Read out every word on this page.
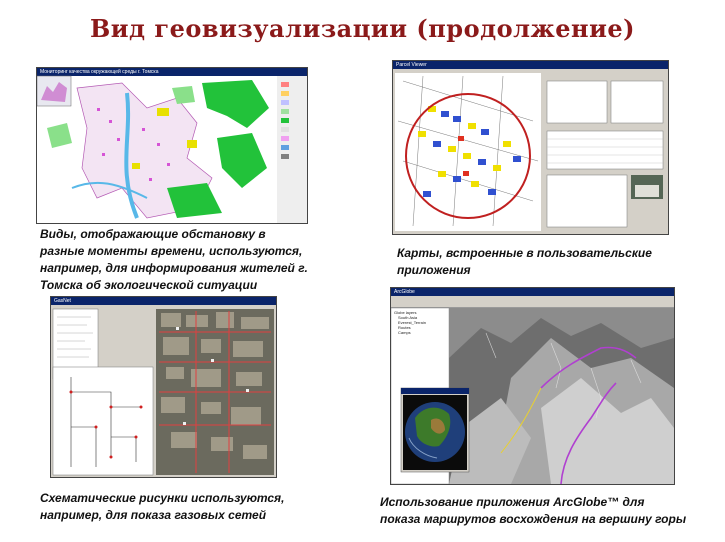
Вид геовизуализации (продолжение)
Мониторинг качества окружающей среды г. Томска
Виды, отображающие обстановку в
разные моменты времени, используются,
например, для информирования жителей г.
Томска об экологической ситуации
Parcel Viewer
Карты, встроенные в пользовательские
приложения
GasNet
Схематические рисунки используются,
например, для показа газовых сетей
ArcGlobe
Globe layers
South Asia
Everest_Terrain
Routes
Camps
Использование приложения ArcGlobe™ для
показа маршрутов восхождения на вершину горы
